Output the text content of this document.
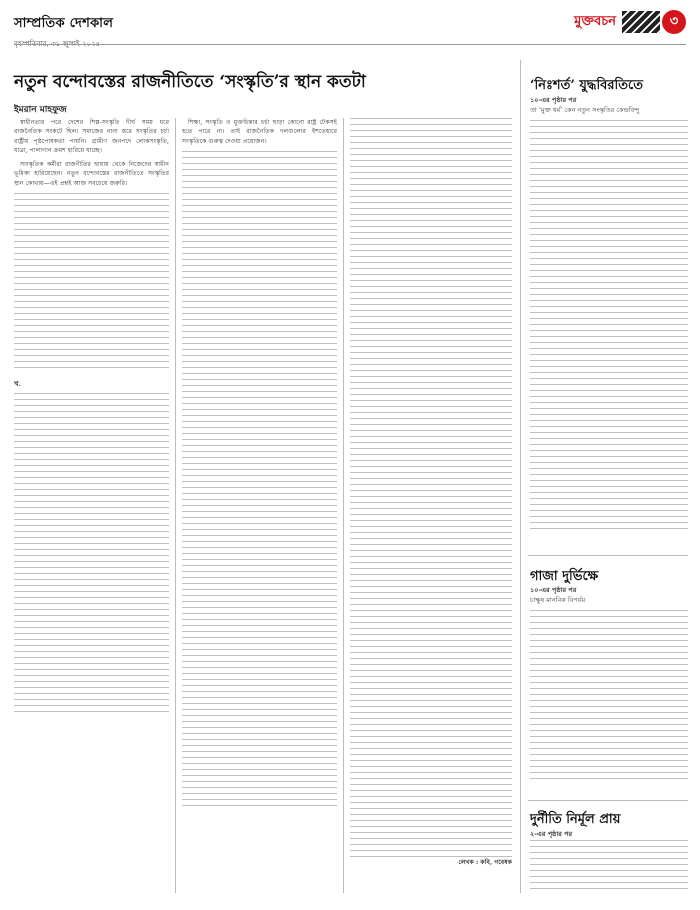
সাম্প্রতিক দেশকাল
বৃহস্পতিবার, ৩১ জুলাই ২০২৫
মুক্তবচন	৩
নতুন বন্দোবস্তের রাজনীতিতে ‘সংস্কৃতি’র স্থান কতটা
ইমরান মাহফুজ

স্বাধীনতার পরে দেশের শিল্প-সংস্কৃতি দীর্ঘ সময় ধরে রাজনৈতিক সংকটে ছিল। সমাজের নানা স্তরে সংস্কৃতির চর্চা রাষ্ট্রীয় পৃষ্ঠপোষকতা পায়নি। গ্রামীণ জনপদে লোকসংস্কৃতি, যাত্রা, পালাগান ক্রমশ হারিয়ে যাচ্ছে।

সাংস্কৃতিক কর্মীরা রাজনীতির ছায়ায় থেকে নিজেদের স্বাধীন ভূমিকা হারিয়েছেন। নতুন বন্দোবস্তের রাজনীতিতে সংস্কৃতির স্থান কোথায়—এই প্রশ্নই আজ সবচেয়ে জরুরি।

খ.

শিক্ষা, সংস্কৃতি ও মুক্তচিন্তার চর্চা ছাড়া কোনো রাষ্ট্র টেকসই হতে পারে না। তাই রাজনৈতিক দলগুলোর ইশতেহারে সংস্কৃতিকে গুরুত্ব দেওয়া প্রয়োজন।

লেখক : কবি, গবেষক
‘নিঃশর্ত’ যুদ্ধবিরতিতে
১০-এর পৃষ্ঠার পর
তা ‘মুক্ত ধর্ম’ কেন নতুন সংস্কৃতির কেন্দ্রবিন্দু
গাজা দুর্ভিক্ষে
১০-এর পৃষ্ঠার পর
চাক্ষুষ মানবিক বিপর্যয়
দুর্নীতি নির্মূল প্রায়
২-এর পৃষ্ঠার পর
